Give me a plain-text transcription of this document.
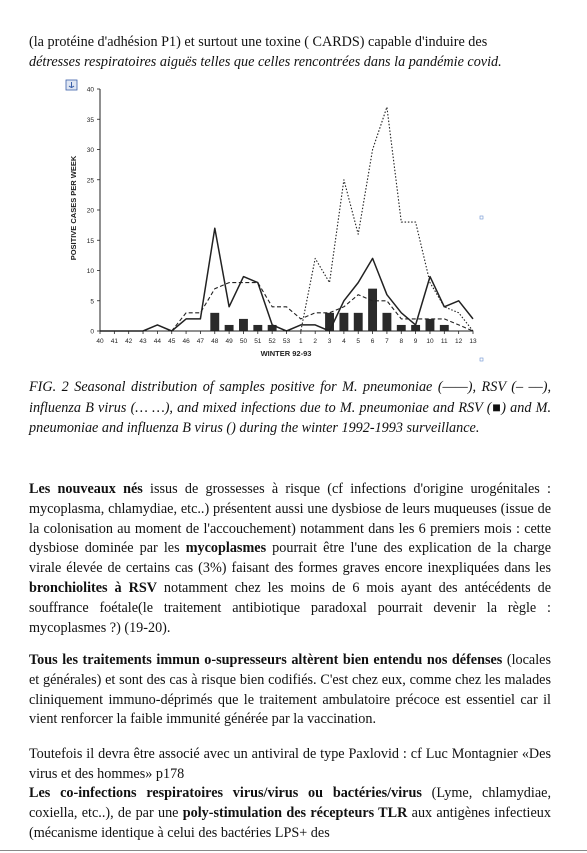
(la protéine d'adhésion P1) et surtout une toxine ( CARDS) capable d'induire des

détresses respiratoires aiguës telles que celles rencontrées dans la pandémie covid.

0
5
10
15
20
25
30
35
40
40 41 42 43 44 45 46 47 48 49 50 51 52 53 1 2 3 4 5 6 7 8 9 10 11 12 13
POSITIVE CASES PER WEEK
WINTER 92-93

FIG. 2 Seasonal distribution of samples positive for M. pneumoniae (——), RSV (– ––), influenza B virus (… …), and mixed infections due to M. pneumoniae and RSV (■) and M. pneumoniae and influenza B virus () during the winter 1992-1993 surveillance.

Les nouveaux nés issus de grossesses à risque (cf infections d'origine urogénitales : mycoplasma, chlamydiae, etc..) présentent aussi une dysbiose de leurs muqueuses (issue de la colonisation au moment de l'accouchement) notamment dans les 6 premiers mois : cette dysbiose dominée par les mycoplasmes pourrait être l'une des explication de la charge virale élevée de certains cas (3%) faisant des formes graves encore inexpliquées dans les bronchiolites à RSV notamment chez les moins de 6 mois ayant des antécédents de souffrance foétale(le traitement antibiotique paradoxal pourrait devenir la règle : mycoplasmes ?) (19-20).

Tous les traitements immun o-supresseurs altèrent bien entendu nos défenses (locales et générales) et sont des cas à risque bien codifiés. C'est chez eux, comme chez les malades cliniquement immuno-déprimés que le traitement ambulatoire précoce est essentiel car il vient renforcer la faible immunité générée par la vaccination.

Toutefois il devra être associé avec un antiviral de type Paxlovid : cf Luc Montagnier «Des virus et des hommes» p178

Les co-infections respiratoires virus/virus ou bactéries/virus (Lyme, chlamydiae, coxiella, etc..), de par une poly-stimulation des récepteurs TLR aux antigènes infectieux (mécanisme identique à celui des bactéries LPS+ des
